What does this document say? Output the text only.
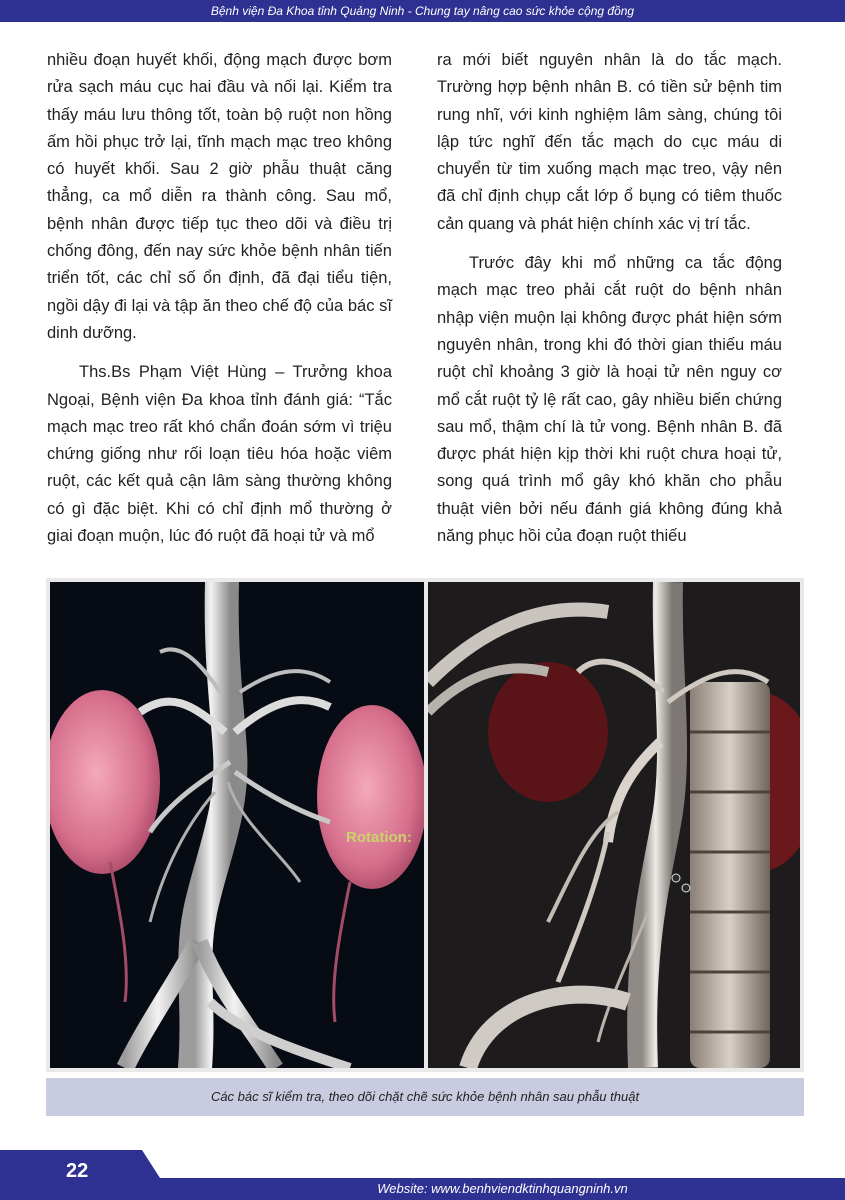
Bệnh viện Đa Khoa tỉnh Quảng Ninh - Chung tay nâng cao sức khỏe cộng đồng

nhiều đoạn huyết khối, động mạch được bơm rửa sạch máu cục hai đầu và nối lại. Kiểm tra thấy máu lưu thông tốt, toàn bộ ruột non hồng ấm hồi phục trở lại, tĩnh mạch mạc treo không có huyết khối. Sau 2 giờ phẫu thuật căng thẳng, ca mổ diễn ra thành công. Sau mổ, bệnh nhân được tiếp tục theo dõi và điều trị chống đông, đến nay sức khỏe bệnh nhân tiến triển tốt, các chỉ số ổn định, đã đại tiểu tiện, ngồi dậy đi lại và tập ăn theo chế độ của bác sĩ dinh dưỡng.

Ths.Bs Phạm Việt Hùng – Trưởng khoa Ngoại, Bệnh viện Đa khoa tỉnh đánh giá: “Tắc mạch mạc treo rất khó chẩn đoán sớm vì triệu chứng giống như rối loạn tiêu hóa hoặc viêm ruột, các kết quả cận lâm sàng thường không có gì đặc biệt. Khi có chỉ định mổ thường ở giai đoạn muộn, lúc đó ruột đã hoại tử và mổ

ra mới biết nguyên nhân là do tắc mạch. Trường hợp bệnh nhân B. có tiền sử bệnh tim rung nhĩ, với kinh nghiệm lâm sàng, chúng tôi lập tức nghĩ đến tắc mạch do cục máu di chuyển từ tim xuống mạch mạc treo, vậy nên đã chỉ định chụp cắt lớp ổ bụng có tiêm thuốc cản quang và phát hiện chính xác vị trí tắc.

Trước đây khi mổ những ca tắc động mạch mạc treo phải cắt ruột do bệnh nhân nhập viện muộn lại không được phát hiện sớm nguyên nhân, trong khi đó thời gian thiếu máu ruột chỉ khoảng 3 giờ là hoại tử nên nguy cơ mổ cắt ruột tỷ lệ rất cao, gây nhiều biến chứng sau mổ, thậm chí là tử vong. Bệnh nhân B. đã được phát hiện kịp thời khi ruột chưa hoại tử, song quá trình mổ gây khó khăn cho phẫu thuật viên bởi nếu đánh giá không đúng khả năng phục hồi của đoạn ruột thiếu

Rotation:
Các bác sĩ kiểm tra, theo dõi chặt chẽ sức khỏe bệnh nhân sau phẫu thuật
22
Website: www.benhviendktinhquangninh.vn
